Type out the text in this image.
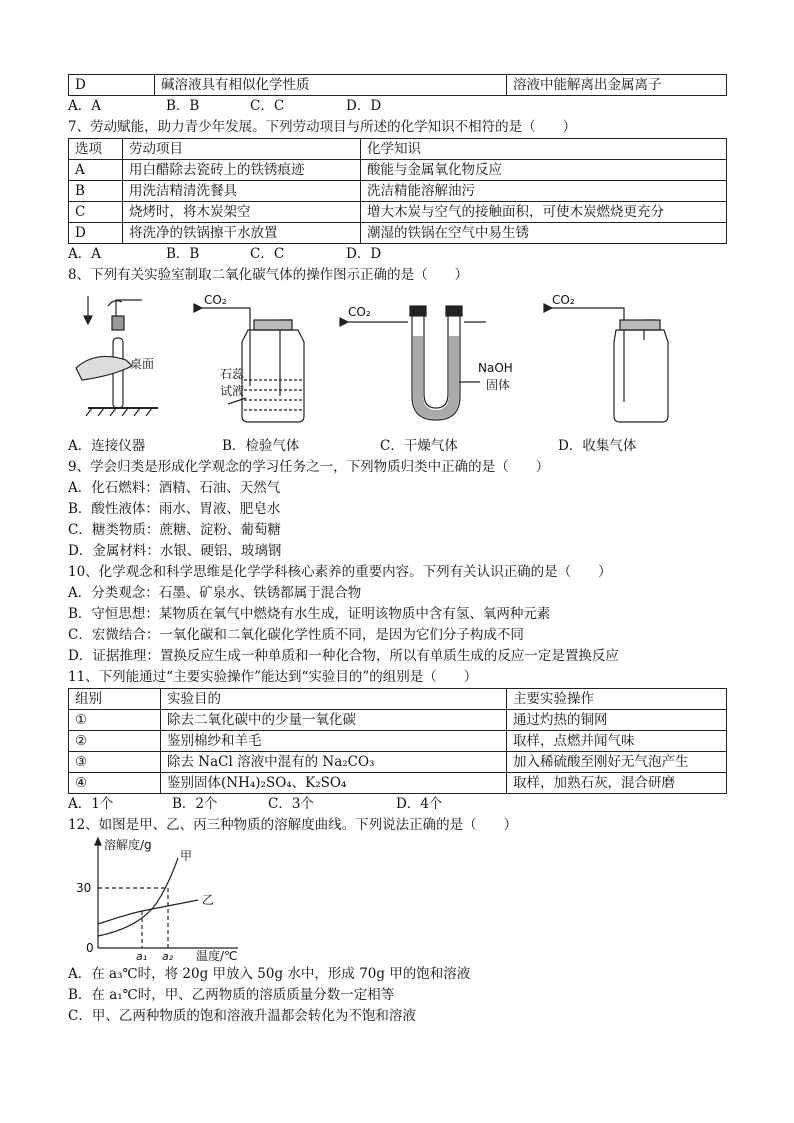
D	碱溶液具有相似化学性质	溶液中能解离出金属离子
A．A	B．B	C．C	D．D
7、劳动赋能，助力青少年发展。下列劳动项目与所述的化学知识不相符的是（　　）
选项	劳动项目	化学知识
A	用白醋除去瓷砖上的铁锈痕迹	酸能与金属氧化物反应
B	用洗洁精清洗餐具	洗洁精能溶解油污
C	烧烤时，将木炭架空	增大木炭与空气的接触面积，可使木炭燃烧更充分
D	将洗净的铁锅擦干水放置	潮湿的铁锅在空气中易生锈
A．A	B．B	C．C	D．D
8、下列有关实验室制取二氧化碳气体的操作图示正确的是（　　）
桌面
CO₂
石蕊
试液
CO₂
NaOH
固体
CO₂
A．连接仪器	B．检验气体	C．干燥气体	D．收集气体
9、学会归类是形成化学观念的学习任务之一，下列物质归类中正确的是（　　）
A．化石燃料：酒精、石油、天然气
B．酸性液体：雨水、胃液、肥皂水
C．糖类物质：蔗糖、淀粉、葡萄糖
D．金属材料：水银、硬铝、玻璃钢
10、化学观念和科学思维是化学学科核心素养的重要内容。下列有关认识正确的是（　　）
A．分类观念：石墨、矿泉水、铁锈都属于混合物
B．守恒思想：某物质在氧气中燃烧有水生成，证明该物质中含有氢、氧两种元素
C．宏微结合：一氧化碳和二氧化碳化学性质不同，是因为它们分子构成不同
D．证据推理：置换反应生成一种单质和一种化合物，所以有单质生成的反应一定是置换反应
11、下列能通过“主要实验操作”能达到“实验目的”的组别是（　　）
组别	实验目的	主要实验操作
①	除去二氧化碳中的少量一氧化碳	通过灼热的铜网
②	鉴别棉纱和羊毛	取样，点燃并闻气味
③	除去 NaCl 溶液中混有的 Na₂CO₃	加入稀硫酸至刚好无气泡产生
④	鉴别固体(NH₄)₂SO₄、K₂SO₄	取样，加熟石灰，混合研磨
A．1个	B．2个	C．3个	D．4个
12、如图是甲、乙、丙三种物质的溶解度曲线。下列说法正确的是（　　）
溶解度/g
30
0
a₁ a₂ 温度/℃
甲
乙
A．在 a₃℃时，将 20g 甲放入 50g 水中，形成 70g 甲的饱和溶液
B．在 a₁℃时，甲、乙两物质的溶质质量分数一定相等
C．甲、乙两种物质的饱和溶液升温都会转化为不饱和溶液
